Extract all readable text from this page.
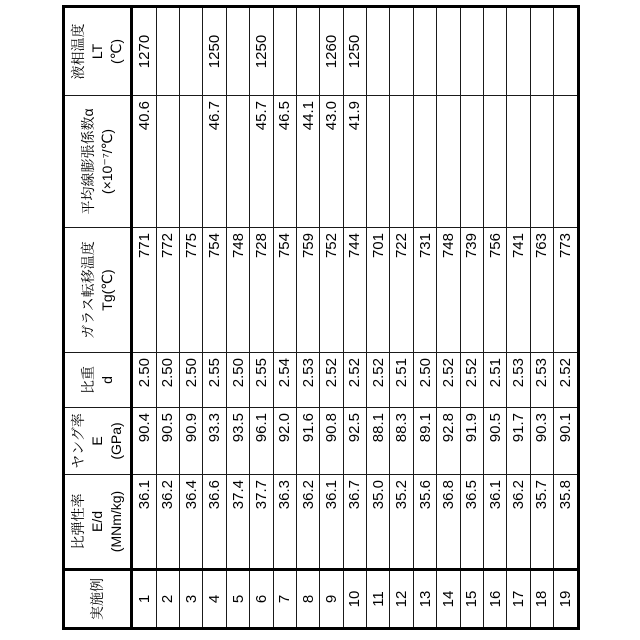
実施例	比弾性率 E/d (MNm/kg)	ヤング率 E (GPa)	比重 d	ガラス転移温度 Tg(℃)	平均線膨張係数α (×10⁻⁷/℃)	液相温度 LT (℃)

1	36.1	90.4	2.50	771	40.6	1270
2	36.2	90.5	2.50	772		
3	36.4	90.9	2.50	775		
4	36.6	93.3	2.55	754	46.7	1250
5	37.4	93.5	2.50	748		
6	37.7	96.1	2.55	728	45.7	1250
7	36.3	92.0	2.54	754	46.5	
8	36.2	91.6	2.53	759	44.1	
9	36.1	90.8	2.52	752	43.0	1260
10	36.7	92.5	2.52	744	41.9	1250
11	35.0	88.1	2.52	701		
12	35.2	88.3	2.51	722		
13	35.6	89.1	2.50	731		
14	36.8	92.8	2.52	748		
15	36.5	91.9	2.52	739		
16	36.1	90.5	2.51	756		
17	36.2	91.7	2.53	741		
18	35.7	90.3	2.53	763		
19	35.8	90.1	2.52	773		
